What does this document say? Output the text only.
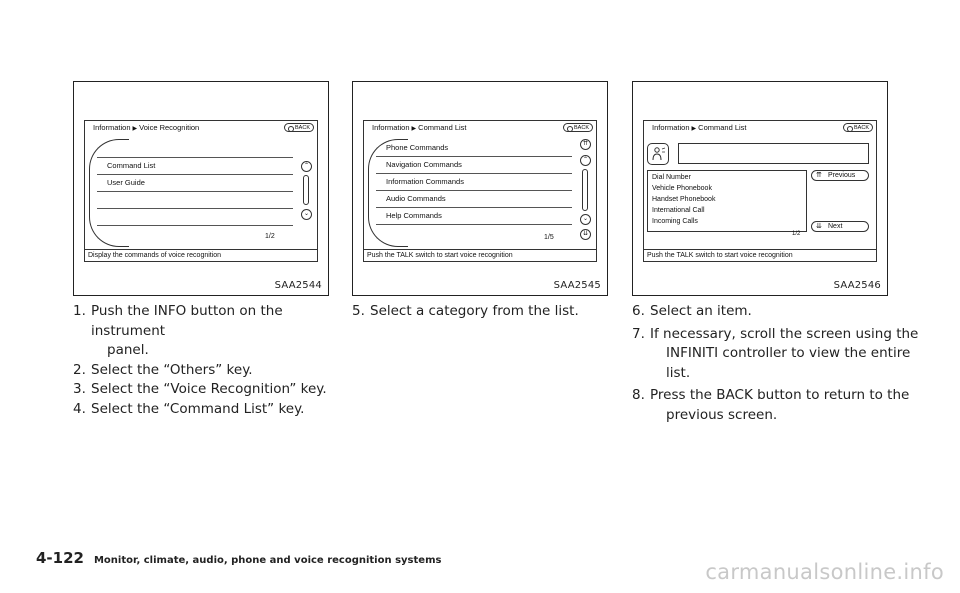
Information ▶ Voice Recognition	BACK
Command List
User Guide
⌃
⌄
1/2
Display the commands of voice recognition
SAA2544
Information ▶ Command List	BACK
Phone Commands
Navigation Commands
Information Commands
Audio Commands
Help Commands
⇈
⌃
⌄
⇊
1/5
Push the TALK switch to start voice recognition
SAA2545
Information ▶ Command List	BACK
Dial Number
Vehicle Phonebook
Handset Phonebook
International Call
Incoming Calls
⇈ Previous
⇊ Next
1/2
Push the TALK switch to start voice recognition
SAA2546
1. Push the INFO button on the instrument
panel.
2. Select the “Others” key.
3. Select the “Voice Recognition” key.
4. Select the “Command List” key.
5. Select a category from the list.	6. Select an item.
7. If necessary, scroll the screen using the
INFINITI controller to view the entire list.
8. Press the BACK button to return to the
previous screen.
4-122 Monitor, climate, audio, phone and voice recognition systems	carmanualsonline.info
